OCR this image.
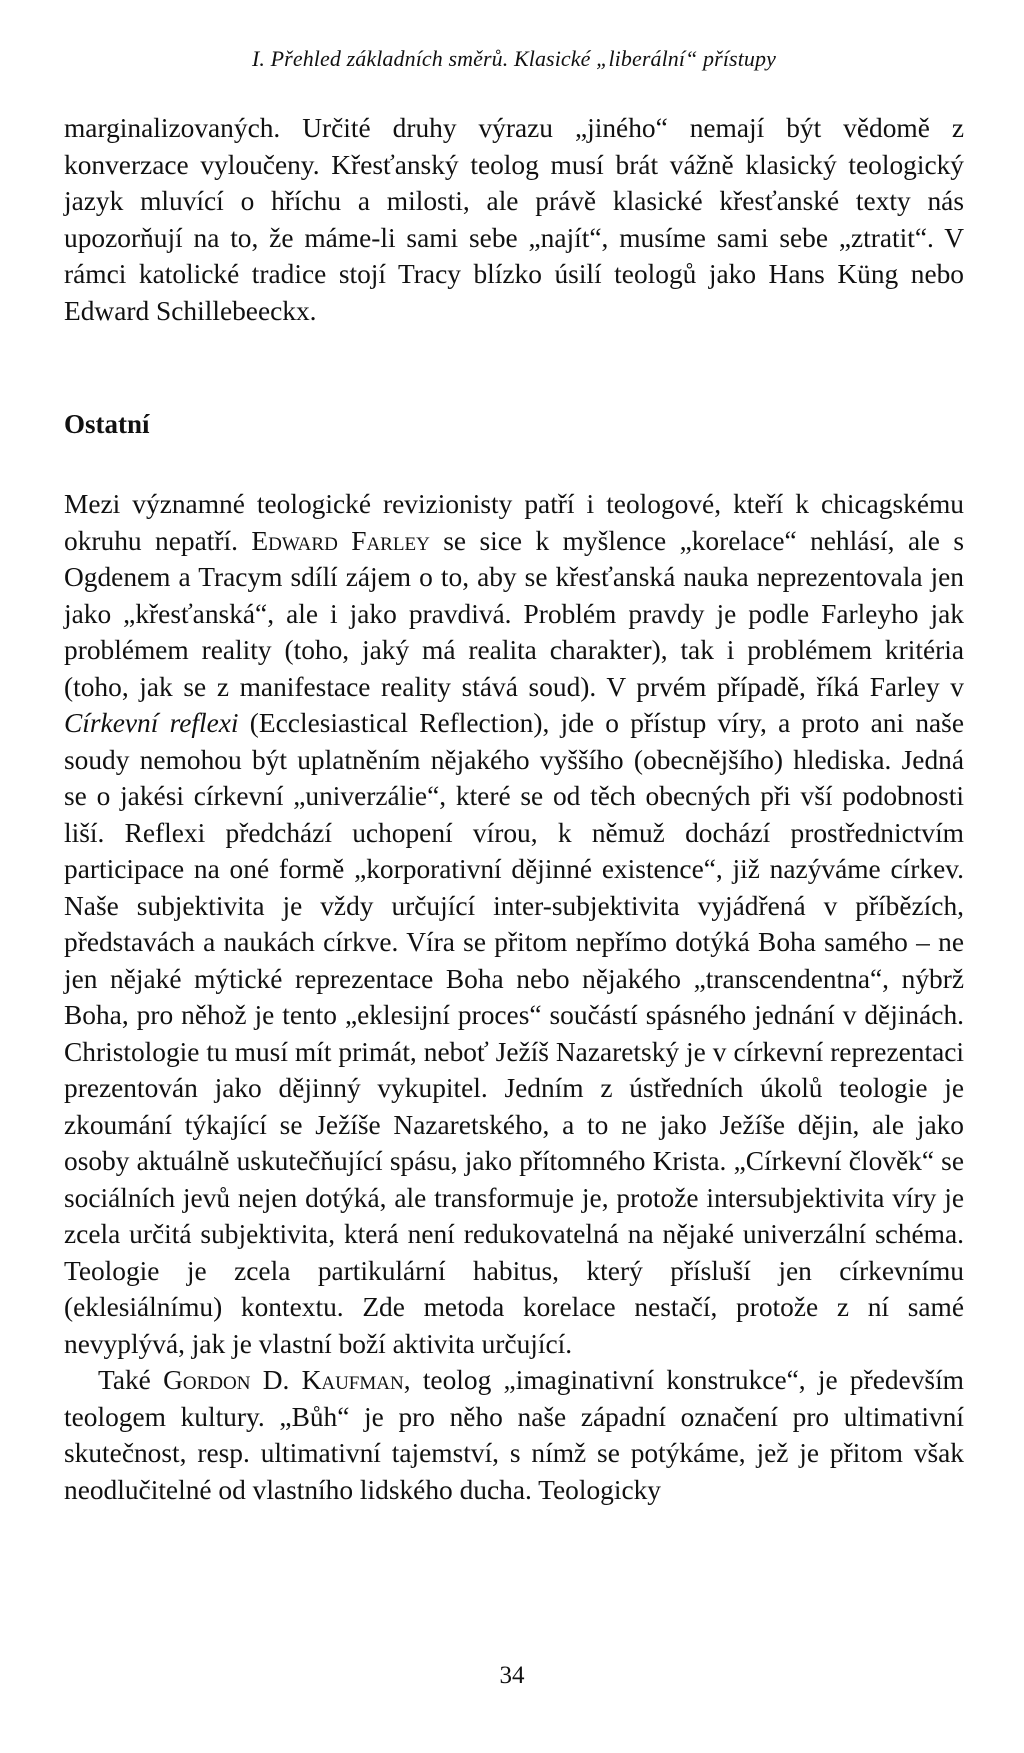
I. Přehled základních směrů. Klasické „liberální“ přístupy

marginalizovaných. Určité druhy výrazu „jiného“ nemají být vědomě z konverzace vyloučeny. Křesťanský teolog musí brát vážně klasický teologický jazyk mluvící o hříchu a milosti, ale právě klasické křesťanské texty nás upozorňují na to, že máme-li sami sebe „najít“, musíme sami sebe „ztratit“. V rámci katolické tradice stojí Tracy blízko úsilí teologů jako Hans Küng nebo Edward Schillebeeckx.

Ostatní

Mezi významné teologické revizionisty patří i teologové, kteří k chicagskému okruhu nepatří. Edward Farley se sice k myšlence „korelace“ nehlásí, ale s Ogdenem a Tracym sdílí zájem o to, aby se křesťanská nauka neprezentovala jen jako „křesťanská“, ale i jako pravdivá. Problém pravdy je podle Farleyho jak problémem reality (toho, jaký má realita charakter), tak i problémem kritéria (toho, jak se z manifestace reality stává soud). V prvém případě, říká Farley v Církevní reflexi (Ecclesiastical Reflection), jde o přístup víry, a proto ani naše soudy nemohou být uplatněním nějakého vyššího (obecnějšího) hlediska. Jedná se o jakési církevní „univerzálie“, které se od těch obecných při vší podobnosti liší. Reflexi předchází uchopení vírou, k němuž dochází prostřednictvím participace na oné formě „korporativní dějinné existence“, již nazýváme církev. Naše subjektivita je vždy určující inter-subjektivita vyjádřená v příbězích, představách a naukách církve. Víra se přitom nepřímo dotýká Boha samého – ne jen nějaké mýtické reprezentace Boha nebo nějakého „transcendentna“, nýbrž Boha, pro něhož je tento „eklesijní proces“ součástí spásného jednání v dějinách. Christologie tu musí mít primát, neboť Ježíš Nazaretský je v církevní reprezentaci prezentován jako dějinný vykupitel. Jedním z ústředních úkolů teologie je zkoumání týkající se Ježíše Nazaretského, a to ne jako Ježíše dějin, ale jako osoby aktuálně uskutečňující spásu, jako přítomného Krista. „Církevní člověk“ se sociálních jevů nejen dotýká, ale transformuje je, protože intersubjektivita víry je zcela určitá subjektivita, která není redukovatelná na nějaké univerzální schéma. Teologie je zcela partikulární habitus, který přísluší jen církevnímu (eklesiálnímu) kontextu. Zde metoda korelace nestačí, protože z ní samé nevyplývá, jak je vlastní boží aktivita určující.

Také Gordon D. Kaufman, teolog „imaginativní konstrukce“, je především teologem kultury. „Bůh“ je pro něho naše západní označení pro ultimativní skutečnost, resp. ultimativní tajemství, s nímž se potýkáme, jež je přitom však neodlučitelné od vlastního lidského ducha. Teologicky

34
